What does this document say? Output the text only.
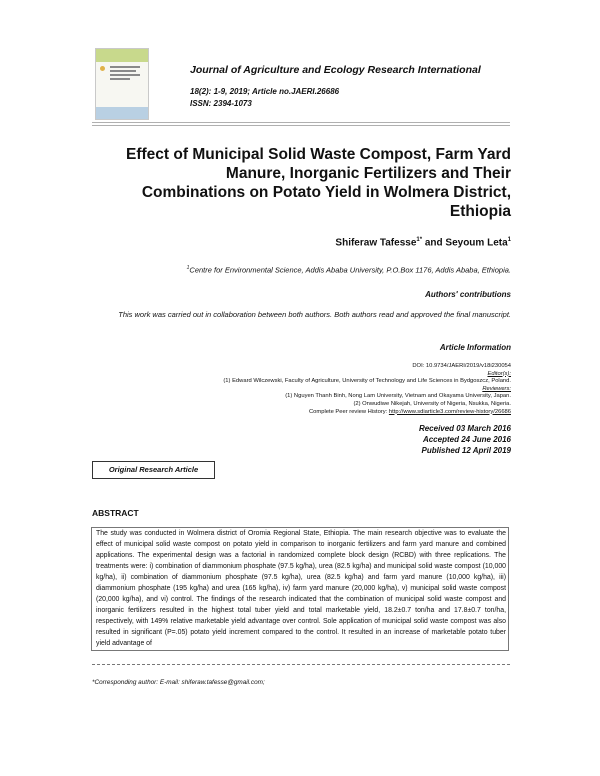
Journal of Agriculture and Ecology Research International
18(2): 1-9, 2019; Article no.JAERI.26686
ISSN: 2394-1073
Effect of Municipal Solid Waste Compost, Farm Yard
Manure, Inorganic Fertilizers and Their
Combinations on Potato Yield in Wolmera District,
Ethiopia
Shiferaw Tafesse$^{1*}$ and Seyoum Leta$^1$
$^1$Centre for Environmental Science, Addis Ababa University, P.O.Box 1176, Addis Ababa, Ethiopia.
Authors' contributions
This work was carried out in collaboration between both authors. Both authors read and approved the final manuscript.
Article Information
DOI: 10.9734/JAERI/2019/v18i230054
Editor(s):
(1) Edward Wilczewski, Faculty of Agriculture, University of Technology and Life Sciences in Bydgoszcz, Poland.
Reviewers:
(1) Nguyen Thanh Binh, Nong Lam University, Vietnam and Okayama University, Japan.
(2) Onwudiwe Nikejah, University of Nigeria, Nsukka, Nigeria.
Complete Peer review History: http://www.sdiarticle3.com/review-history/26686
Received 03 March 2016
Accepted 24 June 2016
Published 12 April 2019
Original Research Article
ABSTRACT

The study was conducted in Wolmera district of Oromia Regional State, Ethiopia. The main research objective was to evaluate the effect of municipal solid waste compost on potato yield in comparison to inorganic fertilizers and farm yard manure and combined applications. The experimental design was a factorial in randomized complete block design (RCBD) with three replications. The treatments were: i) combination of diammonium phosphate (97.5 kg/ha), urea (82.5 kg/ha) and municipal solid waste compost (10,000 kg/ha), ii) combination of diammonium phosphate (97.5 kg/ha), urea (82.5 kg/ha) and farm yard manure (10,000 kg/ha), iii) diammonium phosphate (195 kg/ha) and urea (165 kg/ha), iv) farm yard manure (20,000 kg/ha), v) municipal solid waste compost (20,000 kg/ha), and vi) control. The findings of the research indicated that the combination of municipal solid waste compost and inorganic fertilizers resulted in the highest total tuber yield and total marketable yield, 18.2±0.7 ton/ha and 17.8±0.7 ton/ha, respectively, with 149% relative marketable yield advantage over control. Sole application of municipal solid waste compost was also resulted in significant (P=.05) potato yield increment compared to the control. It resulted in an increase of marketable potato tuber yield advantage of

*Corresponding author: E-mail: shiferaw.tafesse@gmail.com;
